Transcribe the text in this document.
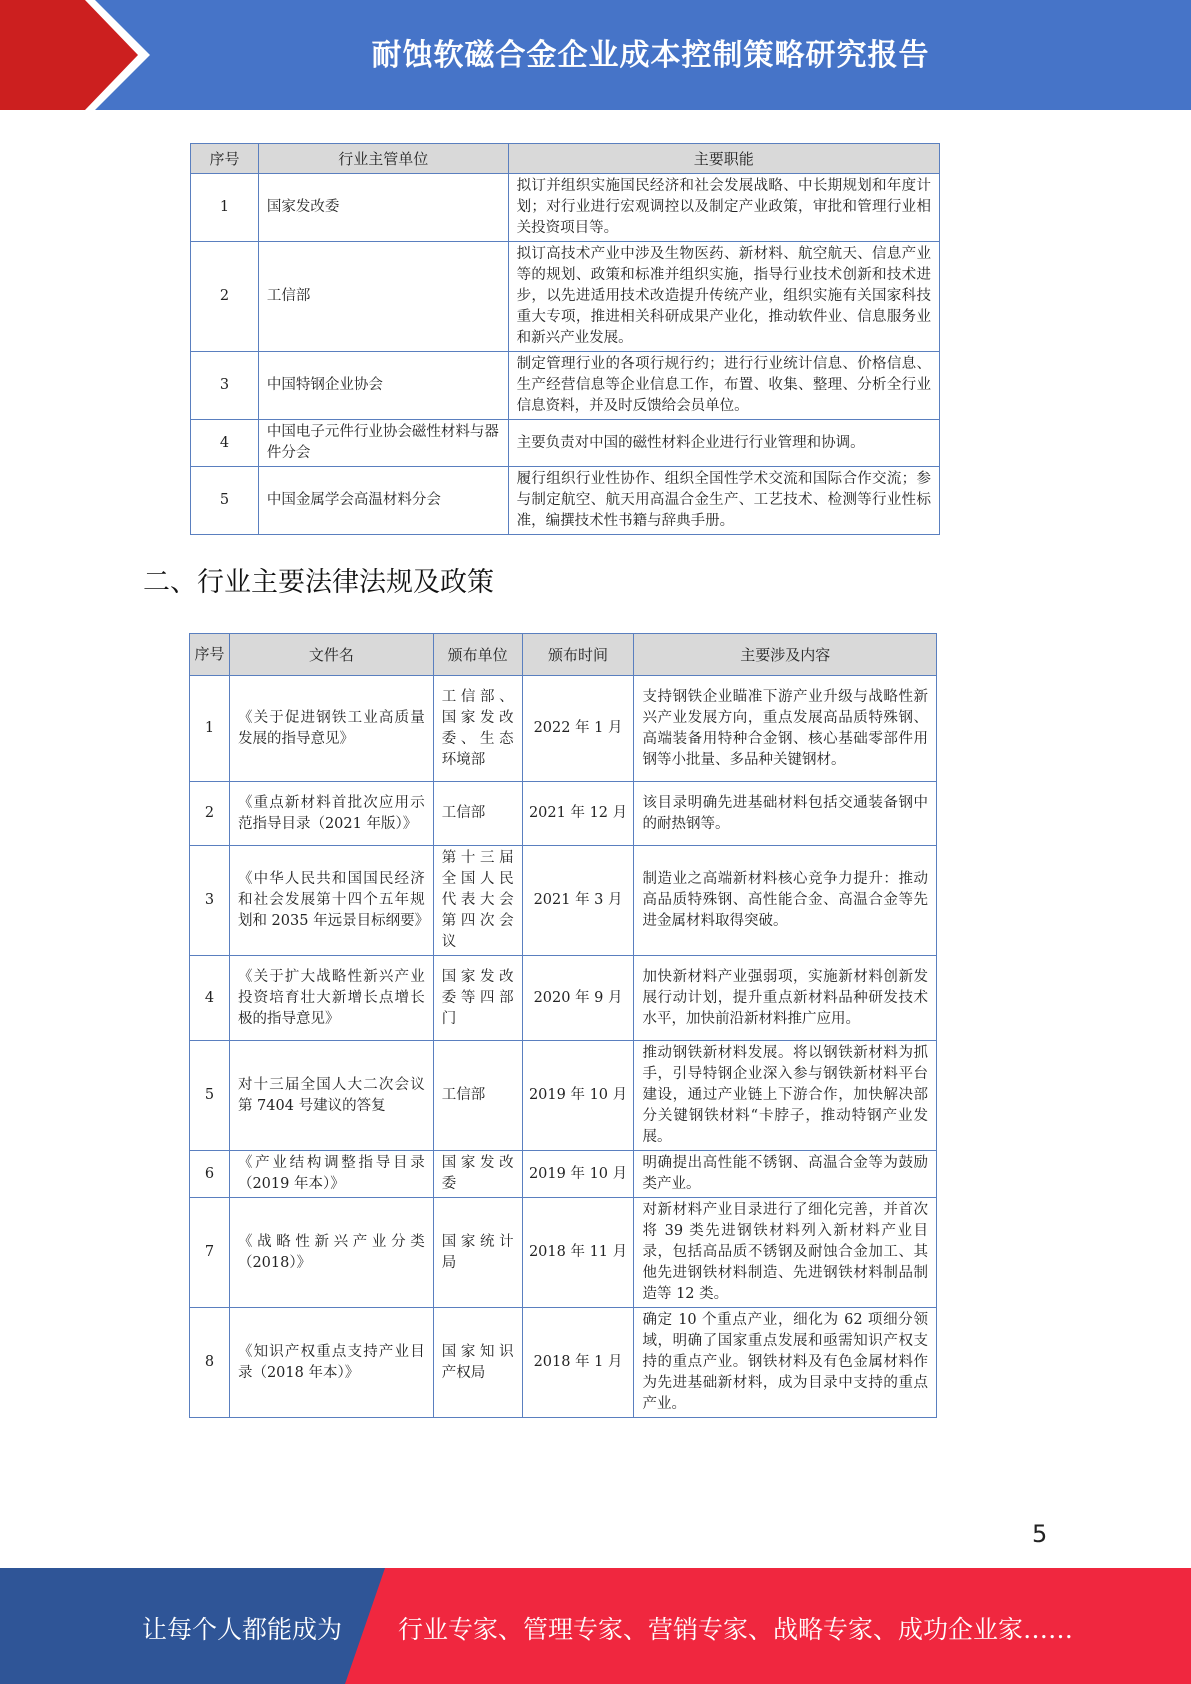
耐蚀软磁合金企业成本控制策略研究报告
序号	行业主管单位	主要职能
1	国家发改委	拟订并组织实施国民经济和社会发展战略、中长期规划和年度计划；对行业进行宏观调控以及制定产业政策，审批和管理行业相关投资项目等。
2	工信部	拟订高技术产业中涉及生物医药、新材料、航空航天、信息产业等的规划、政策和标准并组织实施，指导行业技术创新和技术进步，以先进适用技术改造提升传统产业，组织实施有关国家科技重大专项，推进相关科研成果产业化，推动软件业、信息服务业和新兴产业发展。
3	中国特钢企业协会	制定管理行业的各项行规行约；进行行业统计信息、价格信息、生产经营信息等企业信息工作，布置、收集、整理、分析全行业信息资料，并及时反馈给会员单位。
4	中国电子元件行业协会磁性材料与器件分会	主要负责对中国的磁性材料企业进行行业管理和协调。
5	中国金属学会高温材料分会	履行组织行业性协作、组织全国性学术交流和国际合作交流；参与制定航空、航天用高温合金生产、工艺技术、检测等行业性标准，编撰技术性书籍与辞典手册。
二、行业主要法律法规及政策
序号	文件名	颁布单位	颁布时间	主要涉及内容
1	《关于促进钢铁工业高质量发展的指导意见》	工信部、国家发改委、生态环境部	2022 年 1 月	支持钢铁企业瞄准下游产业升级与战略性新兴产业发展方向，重点发展高品质特殊钢、高端装备用特种合金钢、核心基础零部件用钢等小批量、多品种关键钢材。
2	《重点新材料首批次应用示范指导目录（2021 年版）》	工信部	2021 年 12 月	该目录明确先进基础材料包括交通装备钢中的耐热钢等。
3	《中华人民共和国国民经济和社会发展第十四个五年规划和 2035 年远景目标纲要》	第十三届全国人民代表大会第四次会议	2021 年 3 月	制造业之高端新材料核心竞争力提升：推动高品质特殊钢、高性能合金、高温合金等先进金属材料取得突破。
4	《关于扩大战略性新兴产业投资培育壮大新增长点增长极的指导意见》	国家发改委等四部门	2020 年 9 月	加快新材料产业强弱项，实施新材料创新发展行动计划，提升重点新材料品种研发技术水平，加快前沿新材料推广应用。
5	对十三届全国人大二次会议第 7404 号建议的答复	工信部	2019 年 10 月	推动钢铁新材料发展。将以钢铁新材料为抓手，引导特钢企业深入参与钢铁新材料平台建设，通过产业链上下游合作，加快解决部分关键钢铁材料“卡脖子，推动特钢产业发展。
6	《产业结构调整指导目录（2019 年本）》	国家发改委	2019 年 10 月	明确提出高性能不锈钢、高温合金等为鼓励类产业。
7	《战略性新兴产业分类（2018）》	国家统计局	2018 年 11 月	对新材料产业目录进行了细化完善，并首次将 39 类先进钢铁材料列入新材料产业目录，包括高品质不锈钢及耐蚀合金加工、其他先进钢铁材料制造、先进钢铁材料制品制造等 12 类。
8	《知识产权重点支持产业目录（2018 年本）》	国家知识产权局	2018 年 1 月	确定 10 个重点产业，细化为 62 项细分领域，明确了国家重点发展和亟需知识产权支持的重点产业。钢铁材料及有色金属材料作为先进基础新材料，成为目录中支持的重点产业。
5
让每个人都能成为 行业专家、管理专家、营销专家、战略专家、成功企业家……
